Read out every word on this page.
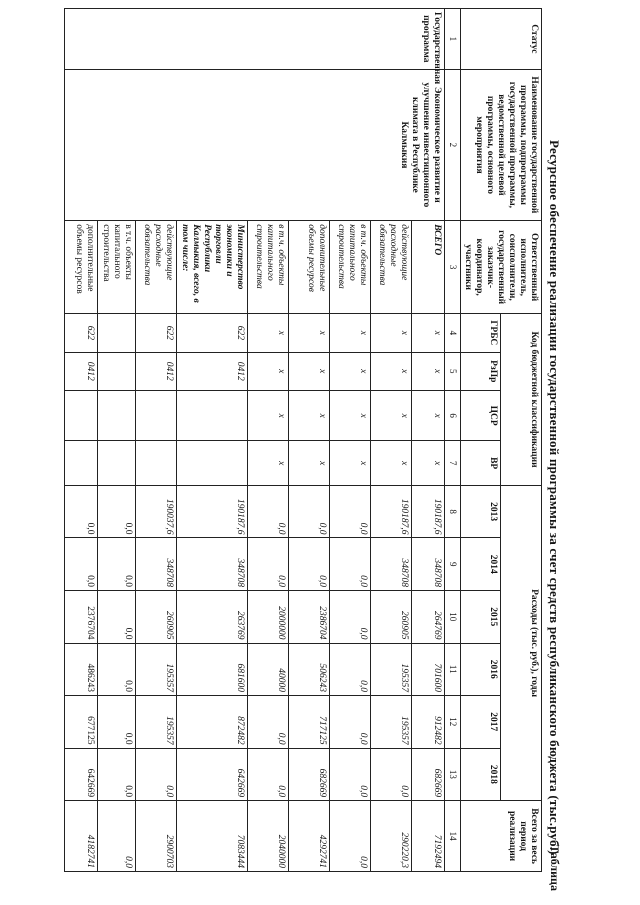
Ресурсное обеспечение реализации государственной программы за счет средств республиканского бюджета (тыс.руб.)
Таблица
Статус	Наименование государственной программы, подпрограммы государственной программы, ведомственной целевой программы, основного мероприятия	Ответственный исполнитель, соисполнители, государственный заказчик-координатор, участники	Код бюджетной классификации				Расходы (тыс. руб.), годы						Всего за весь период реализации
			ГРБС	РзПр	ЦСР	ВР	2013	2014	2015	2016	2017	2018	
1	2	3	4	5	6	7	8	9	10	11	12	13	14
Государственная программа	Экономическое развитие и улучшение инвестиционного климата в Республике Калмыкия	ВСЕГО	x	x	x	x	190187,6	348708	264769	701600	912482	682669	7192494
		действующие расходные обязательства	x	x	x	x	190187,6	348708	260905	195357	195357	0,0	290220,3
		в т.ч. объекты капитального строительства	x	x	x	x	0,0	0,0	0,0	0,0	0,0	0,0	0,0
		дополнительные объемы ресурсов	x	x	x	x	0,0	0,0	2386704	506243	717125	682669	4292741
		в т.ч. объекты капитального строительства	x	x	x	x	0,0	0,0	2000000	40000	0,0	0,0	2040000
		Министерство экономики и торговли Республики Калмыкия, всего, в том числе:	622	0412			190187,6	348708	263769	681600	872482	642669	7083444
		действующие расходные обязательства	622	0412			190037,6	348708	260905	195357	195357	0,0	2900703
		в т.ч. объекты капитального строительства					0,0	0,0	0,0	0,0	0,0	0,0	0,0
		дополнительные объемы ресурсов	622	0412			0,0	0,0	2376704	486243	677125	642669	4182741
